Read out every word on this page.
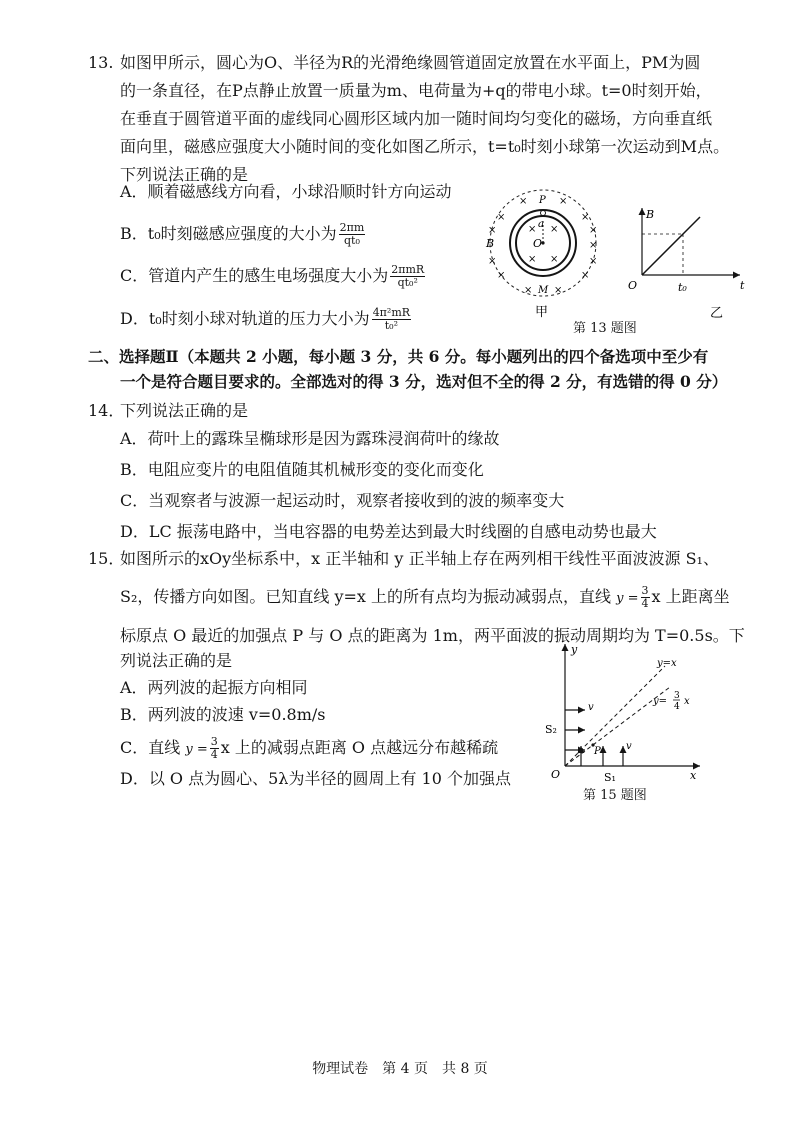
13. 如图甲所示，圆心为O、半径为R的光滑绝缘圆管道固定放置在水平面上，PM为圆
的一条直径，在P点静止放置一质量为m、电荷量为+q的带电小球。t=0时刻开始，
在垂直于圆管道平面的虚线同心圆形区域内加一随时间均匀变化的磁场，方向垂直纸
面向里，磁感应强度大小随时间的变化如图乙所示，t=t₀时刻小球第一次运动到M点。
下列说法正确的是
A．顺着磁感线方向看，小球沿顺时针方向运动
B．t₀时刻磁感应强度的大小为 $\frac{2\pi m}{\text{qt₀}}$
C．管道内产生的感生电场强度大小为 $\frac{\text{2πmR}}{\text{qt₀²}}$
D．t₀时刻小球对轨道的压力大小为 $\frac{\text{4π²mR}}{\text{t₀²}}$
P
a
O
B
M
×	×
×	×
×	×
×
×	×
×	×
× ×
× ×
× ×
甲
B
O	t₀	t
乙
第 13 题图
二、选择题Ⅱ（本题共 2 小题，每小题 3 分，共 6 分。每小题列出的四个备选项中至少有
一个是符合题目要求的。全部选对的得 3 分，选对但不全的得 2 分，有选错的得 0 分）
14．
下列说法正确的是
A．荷叶上的露珠呈椭球形是因为露珠浸润荷叶的缘故
B．电阻应变片的电阻值随其机械形变的变化而变化
C．当观察者与波源一起运动时，观察者接收到的波的频率变大
D．LC 振荡电路中，当电容器的电势差达到最大时线圈的自感电动势也最大
15．
如图所示的xOy坐标系中，x 正半轴和 y 正半轴上存在两列相干线性平面波波源 S₁、
S₂，传播方向如图。已知直线 y=x 上的所有点均为振动减弱点，直线 $y = \frac{3}{4}$ x 上距离坐
标原点 O 最近的加强点 P 与 O 点的距离为 1m，两平面波的振动周期均为 T=0.5s。下
列说法正确的是
A．两列波的起振方向相同
B．两列波的波速 v=0.8m/s
C．直线 $y = \frac{3}{4}$ x 上的减弱点距离 O 点越远分布越稀疏
D．以 O 点为圆心、5λ为半径的圆周上有 10 个加强点
y
x
O	S₁
S₂
v
v
P
y=x
y= 3
4 x
第 15 题图
物理试卷　第 4 页　共 8 页
